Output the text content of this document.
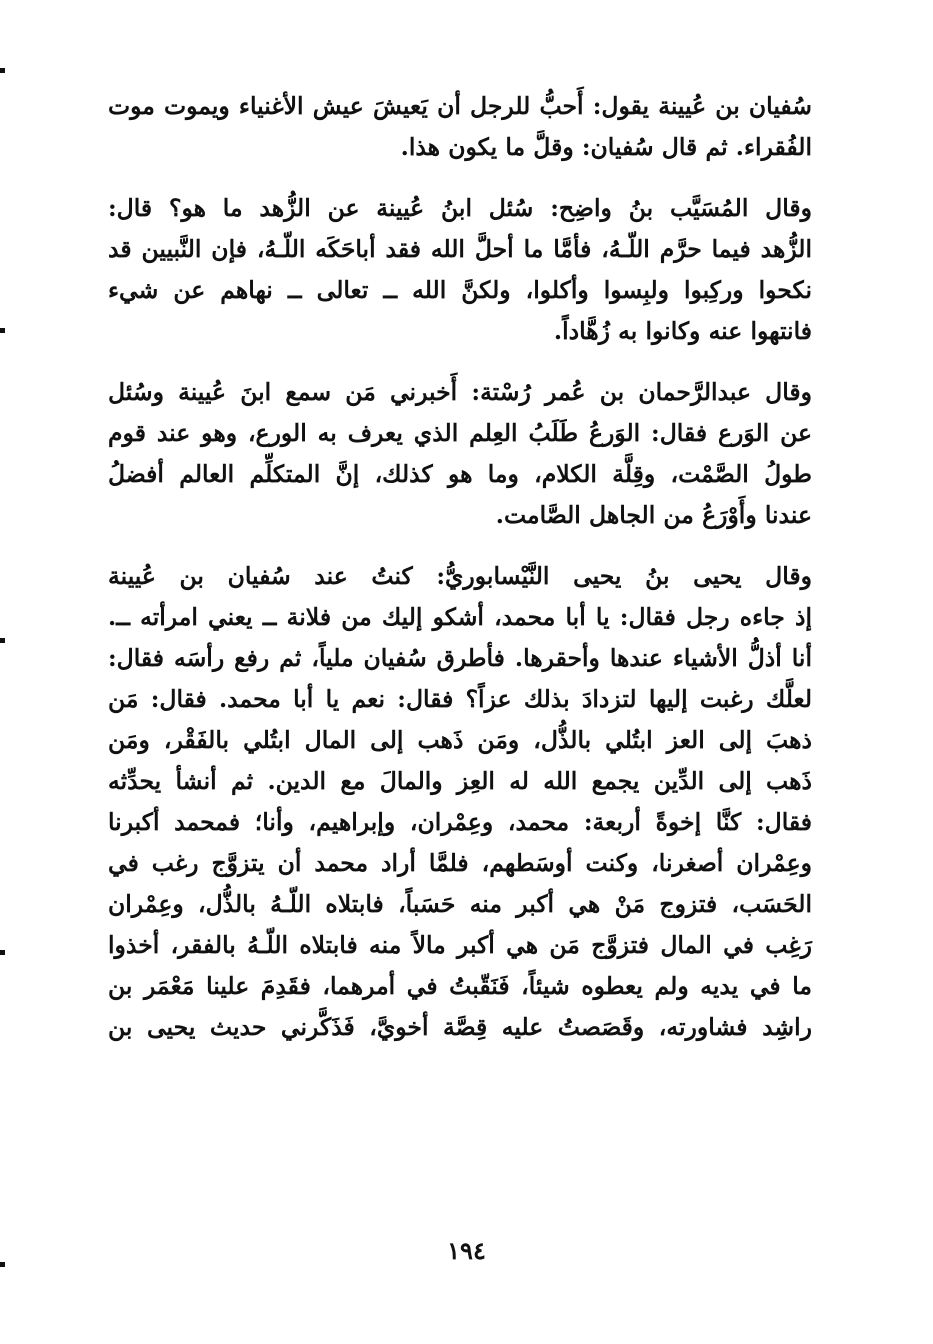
سُفيان بن عُيينة يقول: أَحبُّ للرجل أن يَعيشَ عيش الأغنياء ويموت موت
الفُقراء. ثم قال سُفيان: وقلَّ ما يكون هذا.

وقال المُسَيَّب بنُ واضِح: سُئل ابنُ عُيينة عن الزُّهد ما هو؟ قال:
الزُّهد فيما حرَّم اللّـهُ، فأمَّا ما أحلَّ الله فقد أباحَكَه اللّـهُ، فإن النَّبيين قد
نكحوا وركِبوا ولبِسوا وأكلوا، ولكنَّ الله ــ تعالى ــ نهاهم عن شيء
فانتهوا عنه وكانوا به زُهَّاداً.

وقال عبدالرَّحمان بن عُمر رُسْتة: أَخبرني مَن سمع ابنَ عُيينة وسُئل
عن الوَرع فقال: الوَرعُ طَلَبُ العِلم الذي يعرف به الورع، وهو عند قوم
طولُ الصَّمْت، وقِلَّة الكلام، وما هو كذلك، إنَّ المتكلِّم العالم أفضلُ
عندنا وأَوْرَعُ من الجاهل الصَّامت.

وقال يحيى بنُ يحيى النَّيْسابوريُّ: كنتُ عند سُفيان بن عُيينة
إذ جاءه رجل فقال: يا أبا محمد، أشكو إليك من فلانة ــ يعني امرأته ــ.
أنا أذلُّ الأشياء عندها وأحقرها. فأطرق سُفيان ملياً، ثم رفع رأسَه فقال:
لعلَّك رغبت إليها لتزدادَ بذلك عزاً؟ فقال: نعم يا أبا محمد. فقال: مَن
ذهبَ إلى العز ابتُلي بالذُّل، ومَن ذَهب إلى المال ابتُلي بالفَقْر، ومَن
ذَهب إلى الدِّين يجمع الله له العِز والمالَ مع الدين. ثم أنشأ يحدِّثه
فقال: كنَّا إخوةً أربعة: محمد، وعِمْران، وإبراهيم، وأنا؛ فمحمد أكبرنا
وعِمْران أصغرنا، وكنت أوسَطهم، فلمَّا أراد محمد أن يتزوَّج رغب في
الحَسَب، فتزوج مَنْ هي أكبر منه حَسَباً، فابتلاه اللّـهُ بالذُّل، وعِمْران
رَغِب في المال فتزوَّج مَن هي أكبر مالاً منه فابتلاه اللّـهُ بالفقر، أخذوا
ما في يديه ولم يعطوه شيئاً، فَنَقّبتُ في أمرهما، فقَدِمَ علينا مَعْمَر بن
راشِد فشاورته، وقَصَصتُ عليه قِصَّة أخويَّ، فَذَكَّرني حديث يحيى بن

١٩٤
